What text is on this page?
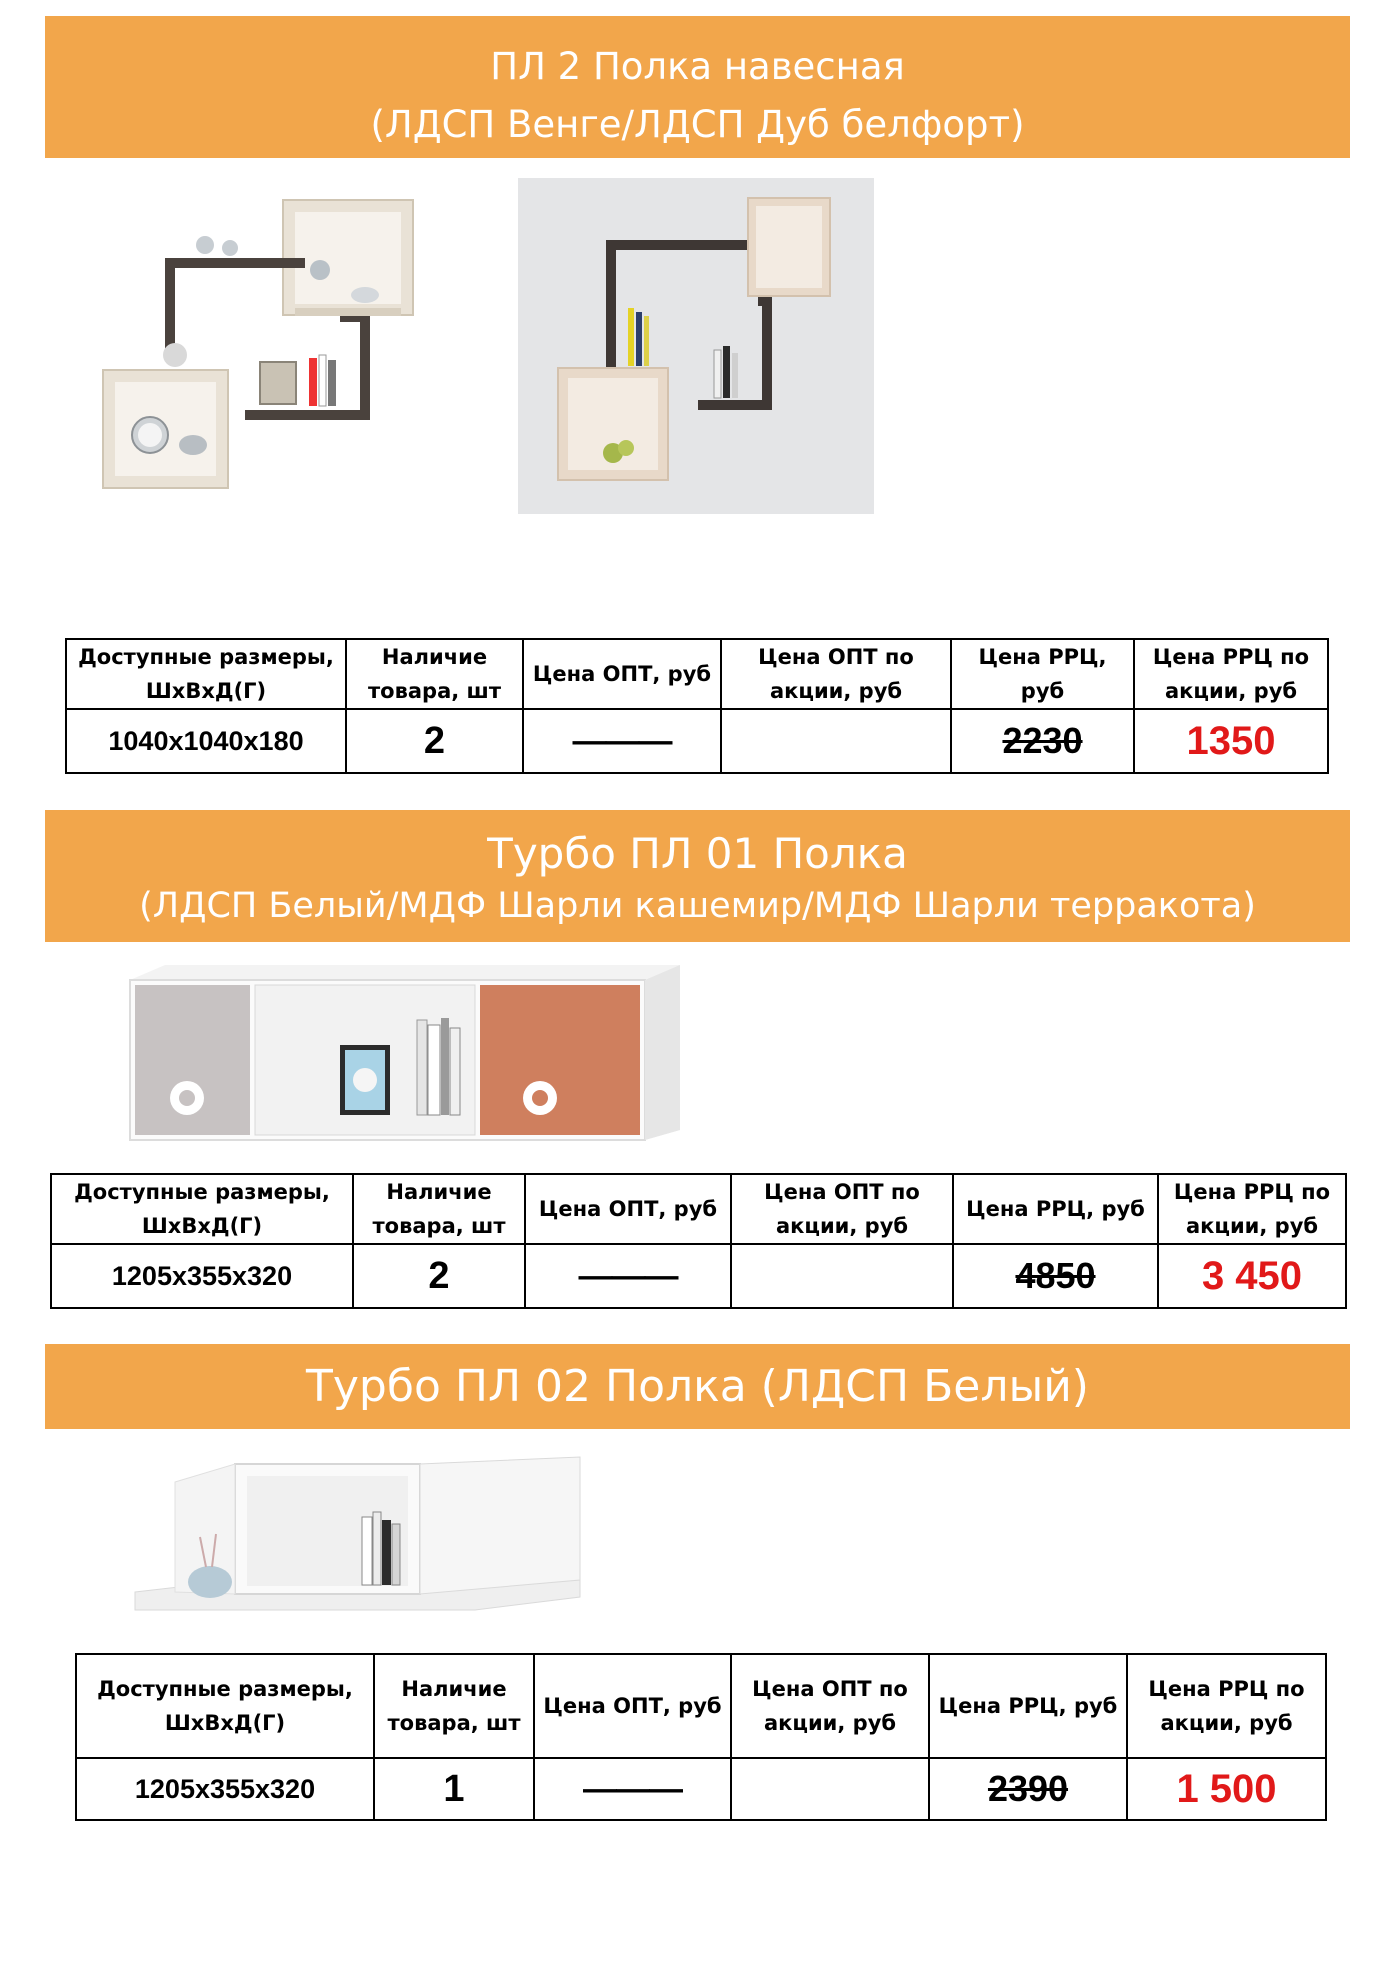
ПЛ 2 Полка навесная
(ЛДСП Венге/ЛДСП Дуб белфорт)
Доступные размеры, ШхВхД(Г)	Наличие товара, шт	Цена ОПТ, руб	Цена ОПТ по акции, руб	Цена РРЦ, руб	Цена РРЦ по акции, руб
1040х1040х180	2	———		2230	1350
Турбо ПЛ 01 Полка
(ЛДСП Белый/МДФ Шарли кашемир/МДФ Шарли терракота)
Доступные размеры, ШхВхД(Г)	Наличие товара, шт	Цена ОПТ, руб	Цена ОПТ по акции, руб	Цена РРЦ, руб	Цена РРЦ по акции, руб
1205х355х320	2	———		4850	3 450
Турбо ПЛ 02 Полка (ЛДСП Белый)
Доступные размеры, ШхВхД(Г)	Наличие товара, шт	Цена ОПТ, руб	Цена ОПТ по акции, руб	Цена РРЦ, руб	Цена РРЦ по акции, руб
1205х355х320	1	———		2390	1 500
